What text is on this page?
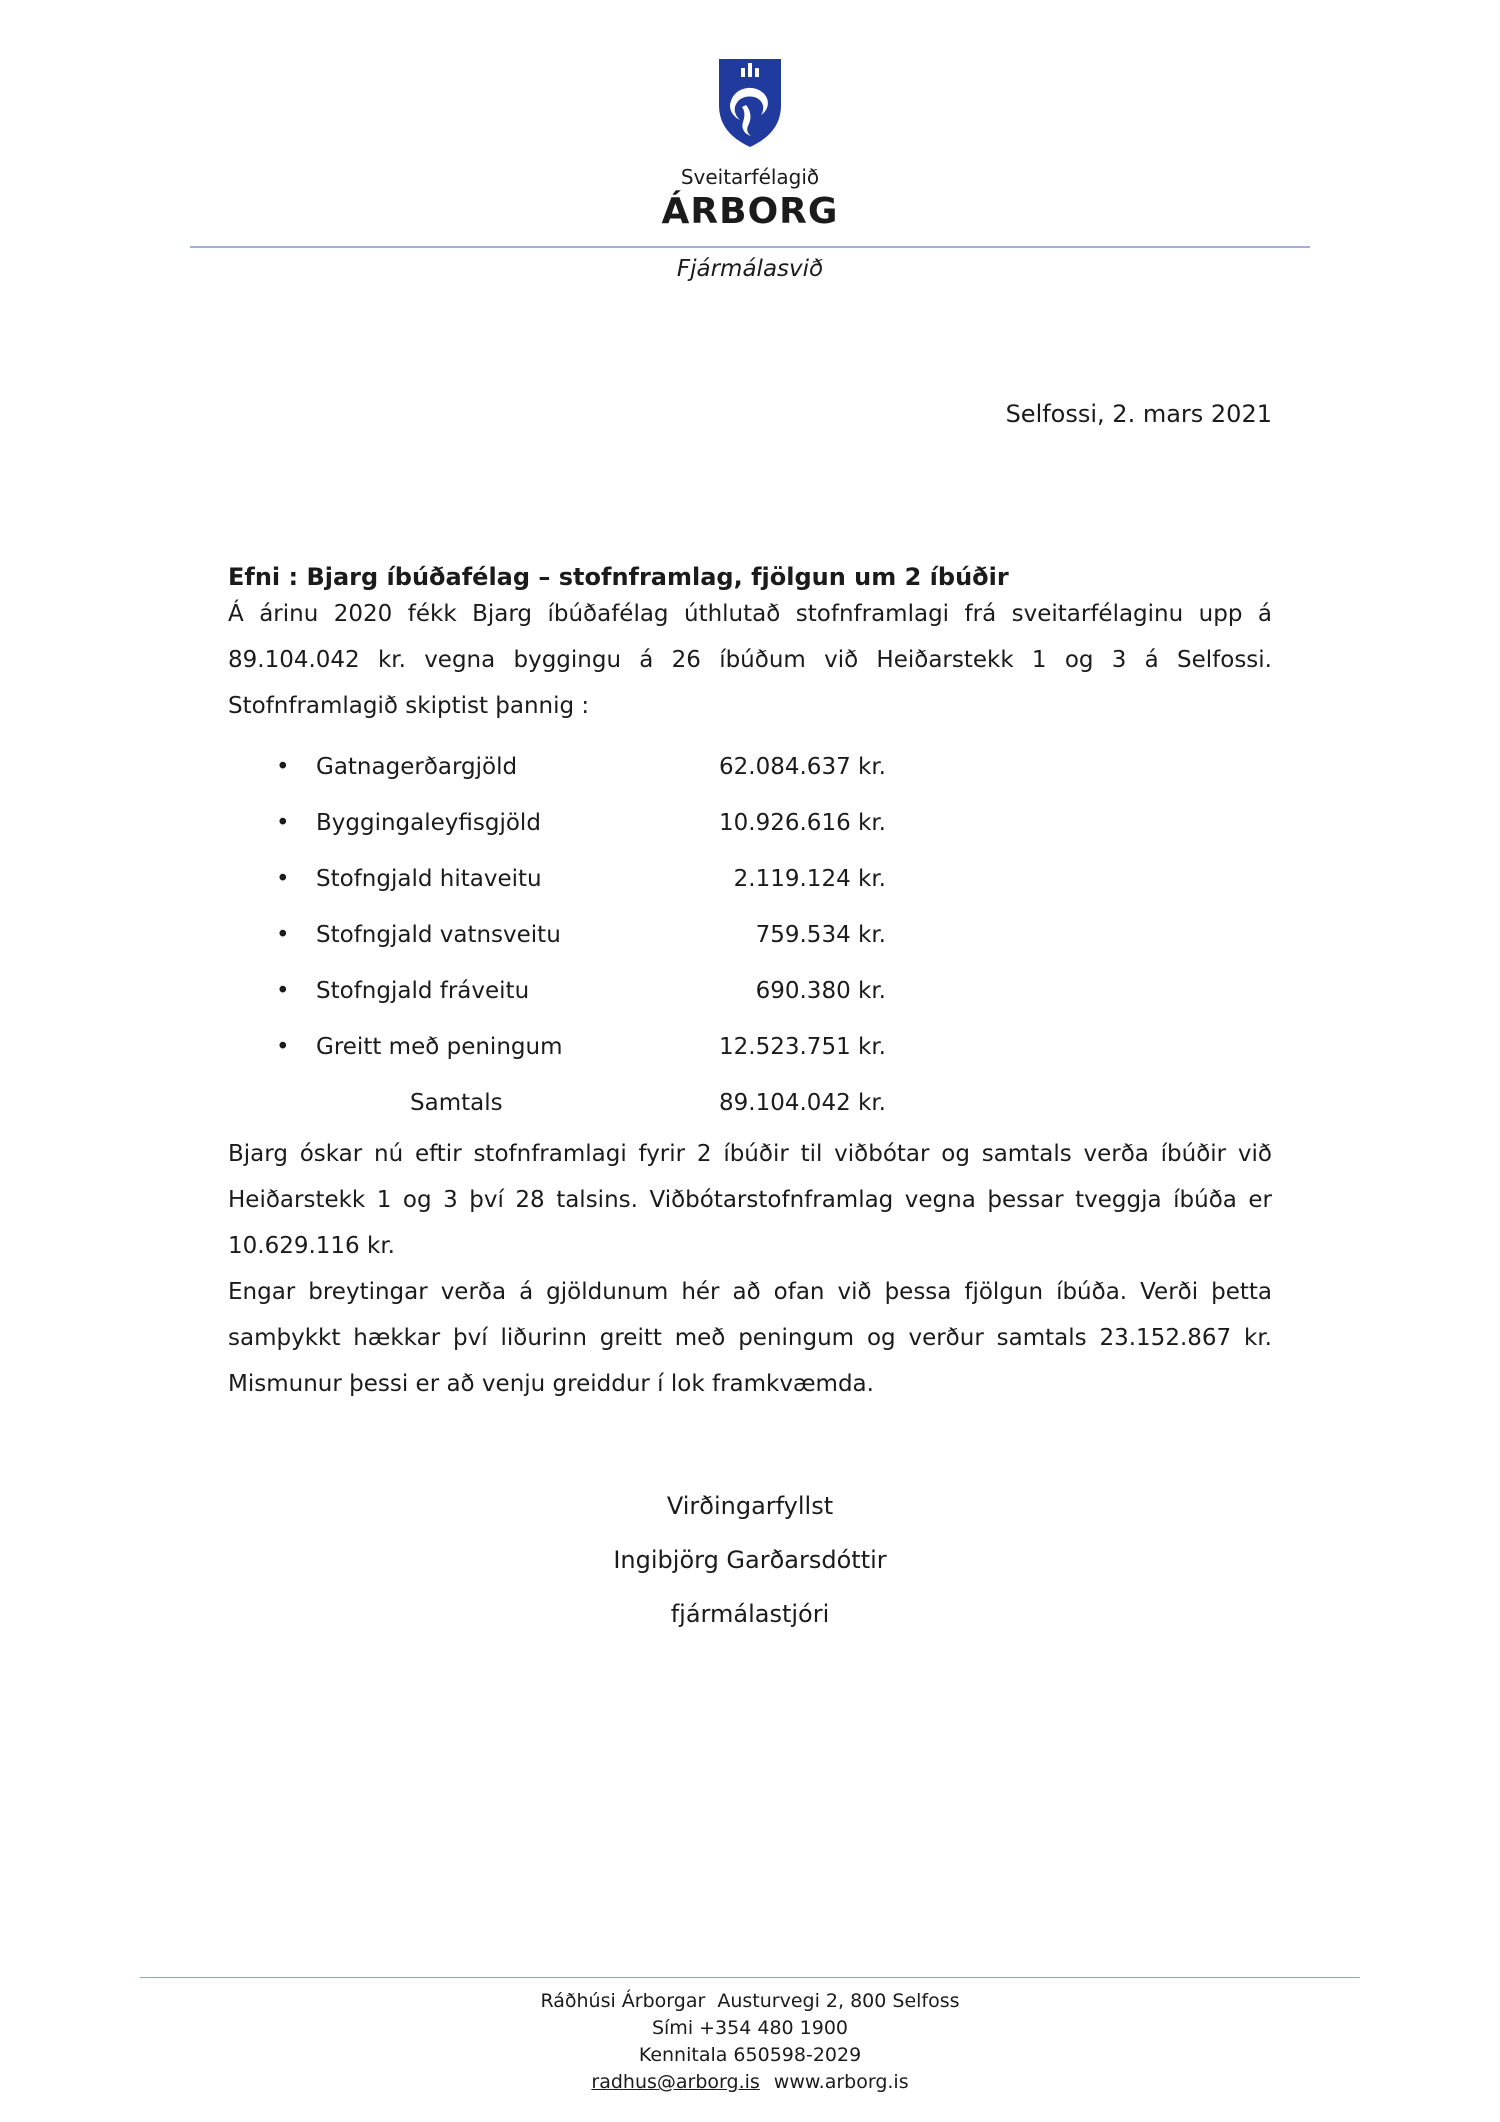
Sveitarfélagið
ÁRBORG
Fjármálasvið
Selfossi, 2. mars 2021
Efni : Bjarg íbúðafélag – stofnframlag, fjölgun um 2 íbúðir

Á árinu 2020 fékk Bjarg íbúðafélag úthlutað stofnframlagi frá sveitarfélaginu upp á 89.104.042 kr. vegna byggingu á 26 íbúðum við Heiðarstekk 1 og 3 á Selfossi. Stofnframlagið skiptist þannig :

•	Gatnagerðargjöld	62.084.637 kr.
•	Byggingaleyfisgjöld	10.926.616 kr.
•	Stofngjald hitaveitu	2.119.124 kr.
•	Stofngjald vatnsveitu	759.534 kr.
•	Stofngjald fráveitu	690.380 kr.
•	Greitt með peningum	12.523.751 kr.
Samtals	89.104.042 kr.

Bjarg óskar nú eftir stofnframlagi fyrir 2 íbúðir til viðbótar og samtals verða íbúðir við Heiðarstekk 1 og 3 því 28 talsins. Viðbótarstofnframlag vegna þessar tveggja íbúða er 10.629.116 kr.

Engar breytingar verða á gjöldunum hér að ofan við þessa fjölgun íbúða. Verði þetta samþykkt hækkar því liðurinn greitt með peningum og verður samtals 23.152.867 kr. Mismunur þessi er að venju greiddur í lok framkvæmda.

Virðingarfyllst
Ingibjörg Garðarsdóttir
fjármálastjóri
Ráðhúsi Árborgar  Austurvegi 2, 800 Selfoss
Sími +354 480 1900
Kennitala 650598-2029
radhus@arborg.is www.arborg.is
